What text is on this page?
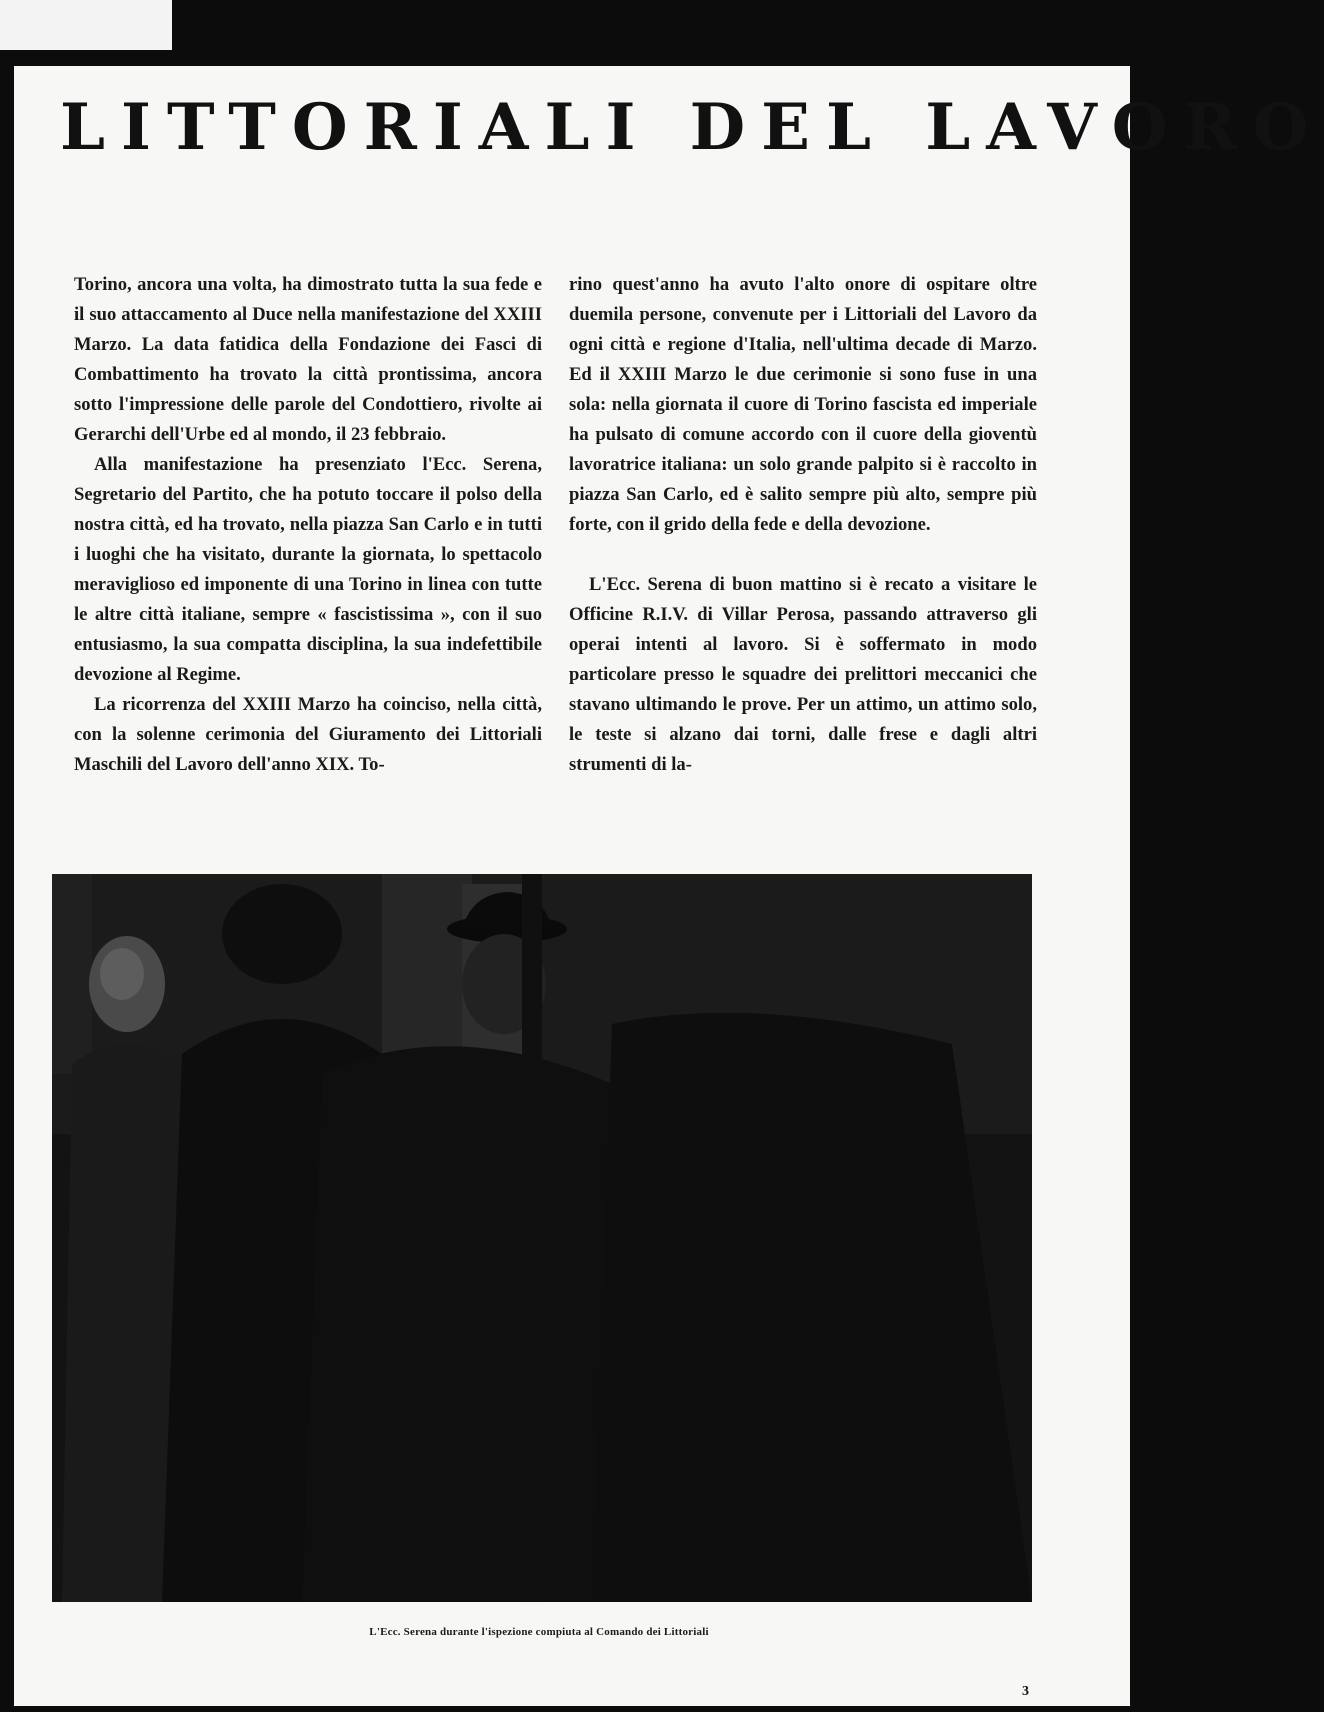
LITTORIALI DEL LAVORO

Torino, ancora una volta, ha dimostrato tutta la sua fede e il suo attaccamento al Duce nella manifestazione del XXIII Marzo. La data fatidica della Fondazione dei Fasci di Combattimento ha trovato la città prontissima, ancora sotto l'impressione delle parole del Condottiero, rivolte ai Gerarchi dell'Urbe ed al mondo, il 23 febbraio.

Alla manifestazione ha presenziato l'Ecc. Serena, Segretario del Partito, che ha potuto toccare il polso della nostra città, ed ha trovato, nella piazza San Carlo e in tutti i luoghi che ha visitato, durante la giornata, lo spettacolo meraviglioso ed imponente di una Torino in linea con tutte le altre città italiane, sempre « fascistissima », con il suo entusiasmo, la sua compatta disciplina, la sua indefettibile devozione al Regime.

La ricorrenza del XXIII Marzo ha coinciso, nella città, con la solenne cerimonia del Giuramento dei Littoriali Maschili del Lavoro dell'anno XIX. To-

rino quest'anno ha avuto l'alto onore di ospitare oltre duemila persone, convenute per i Littoriali del Lavoro da ogni città e regione d'Italia, nell'ultima decade di Marzo. Ed il XXIII Marzo le due cerimonie si sono fuse in una sola: nella giornata il cuore di Torino fascista ed imperiale ha pulsato di comune accordo con il cuore della gioventù lavoratrice italiana: un solo grande palpito si è raccolto in piazza San Carlo, ed è salito sempre più alto, sempre più forte, con il grido della fede e della devozione.

L'Ecc. Serena di buon mattino si è recato a visitare le Officine R.I.V. di Villar Perosa, passando attraverso gli operai intenti al lavoro. Si è soffermato in modo particolare presso le squadre dei prelittori meccanici che stavano ultimando le prove. Per un attimo, un attimo solo, le teste si alzano dai torni, dalle frese e dagli altri strumenti di la-

L'Ecc. Serena durante l'ispezione compiuta al Comando dei Littoriali

3
